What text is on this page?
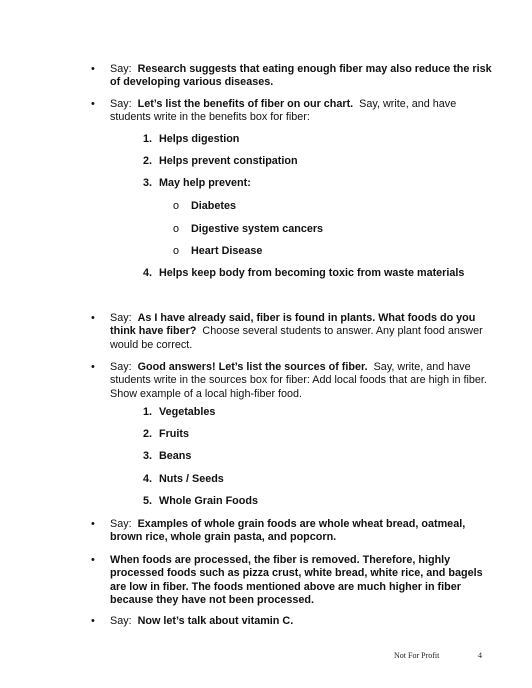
• Say: Research suggests that eating enough fiber may also reduce the risk of developing various diseases.
• Say: Let’s list the benefits of fiber on our chart. Say, write, and have students write in the benefits box for fiber:
1. Helps digestion
2. Helps prevent constipation
3. May help prevent:
o Diabetes
o Digestive system cancers
o Heart Disease
4. Helps keep body from becoming toxic from waste materials
• Say: As I have already said, fiber is found in plants. What foods do you think have fiber? Choose several students to answer. Any plant food answer would be correct.
• Say: Good answers! Let’s list the sources of fiber. Say, write, and have students write in the sources box for fiber: Add local foods that are high in fiber. Show example of a local high-fiber food.
1. Vegetables
2. Fruits
3. Beans
4. Nuts / Seeds
5. Whole Grain Foods
• Say: Examples of whole grain foods are whole wheat bread, oatmeal, brown rice, whole grain pasta, and popcorn.
• When foods are processed, the fiber is removed. Therefore, highly processed foods such as pizza crust, white bread, white rice, and bagels are low in fiber. The foods mentioned above are much higher in fiber because they have not been processed.
• Say: Now let’s talk about vitamin C.
Not For Profit	4
